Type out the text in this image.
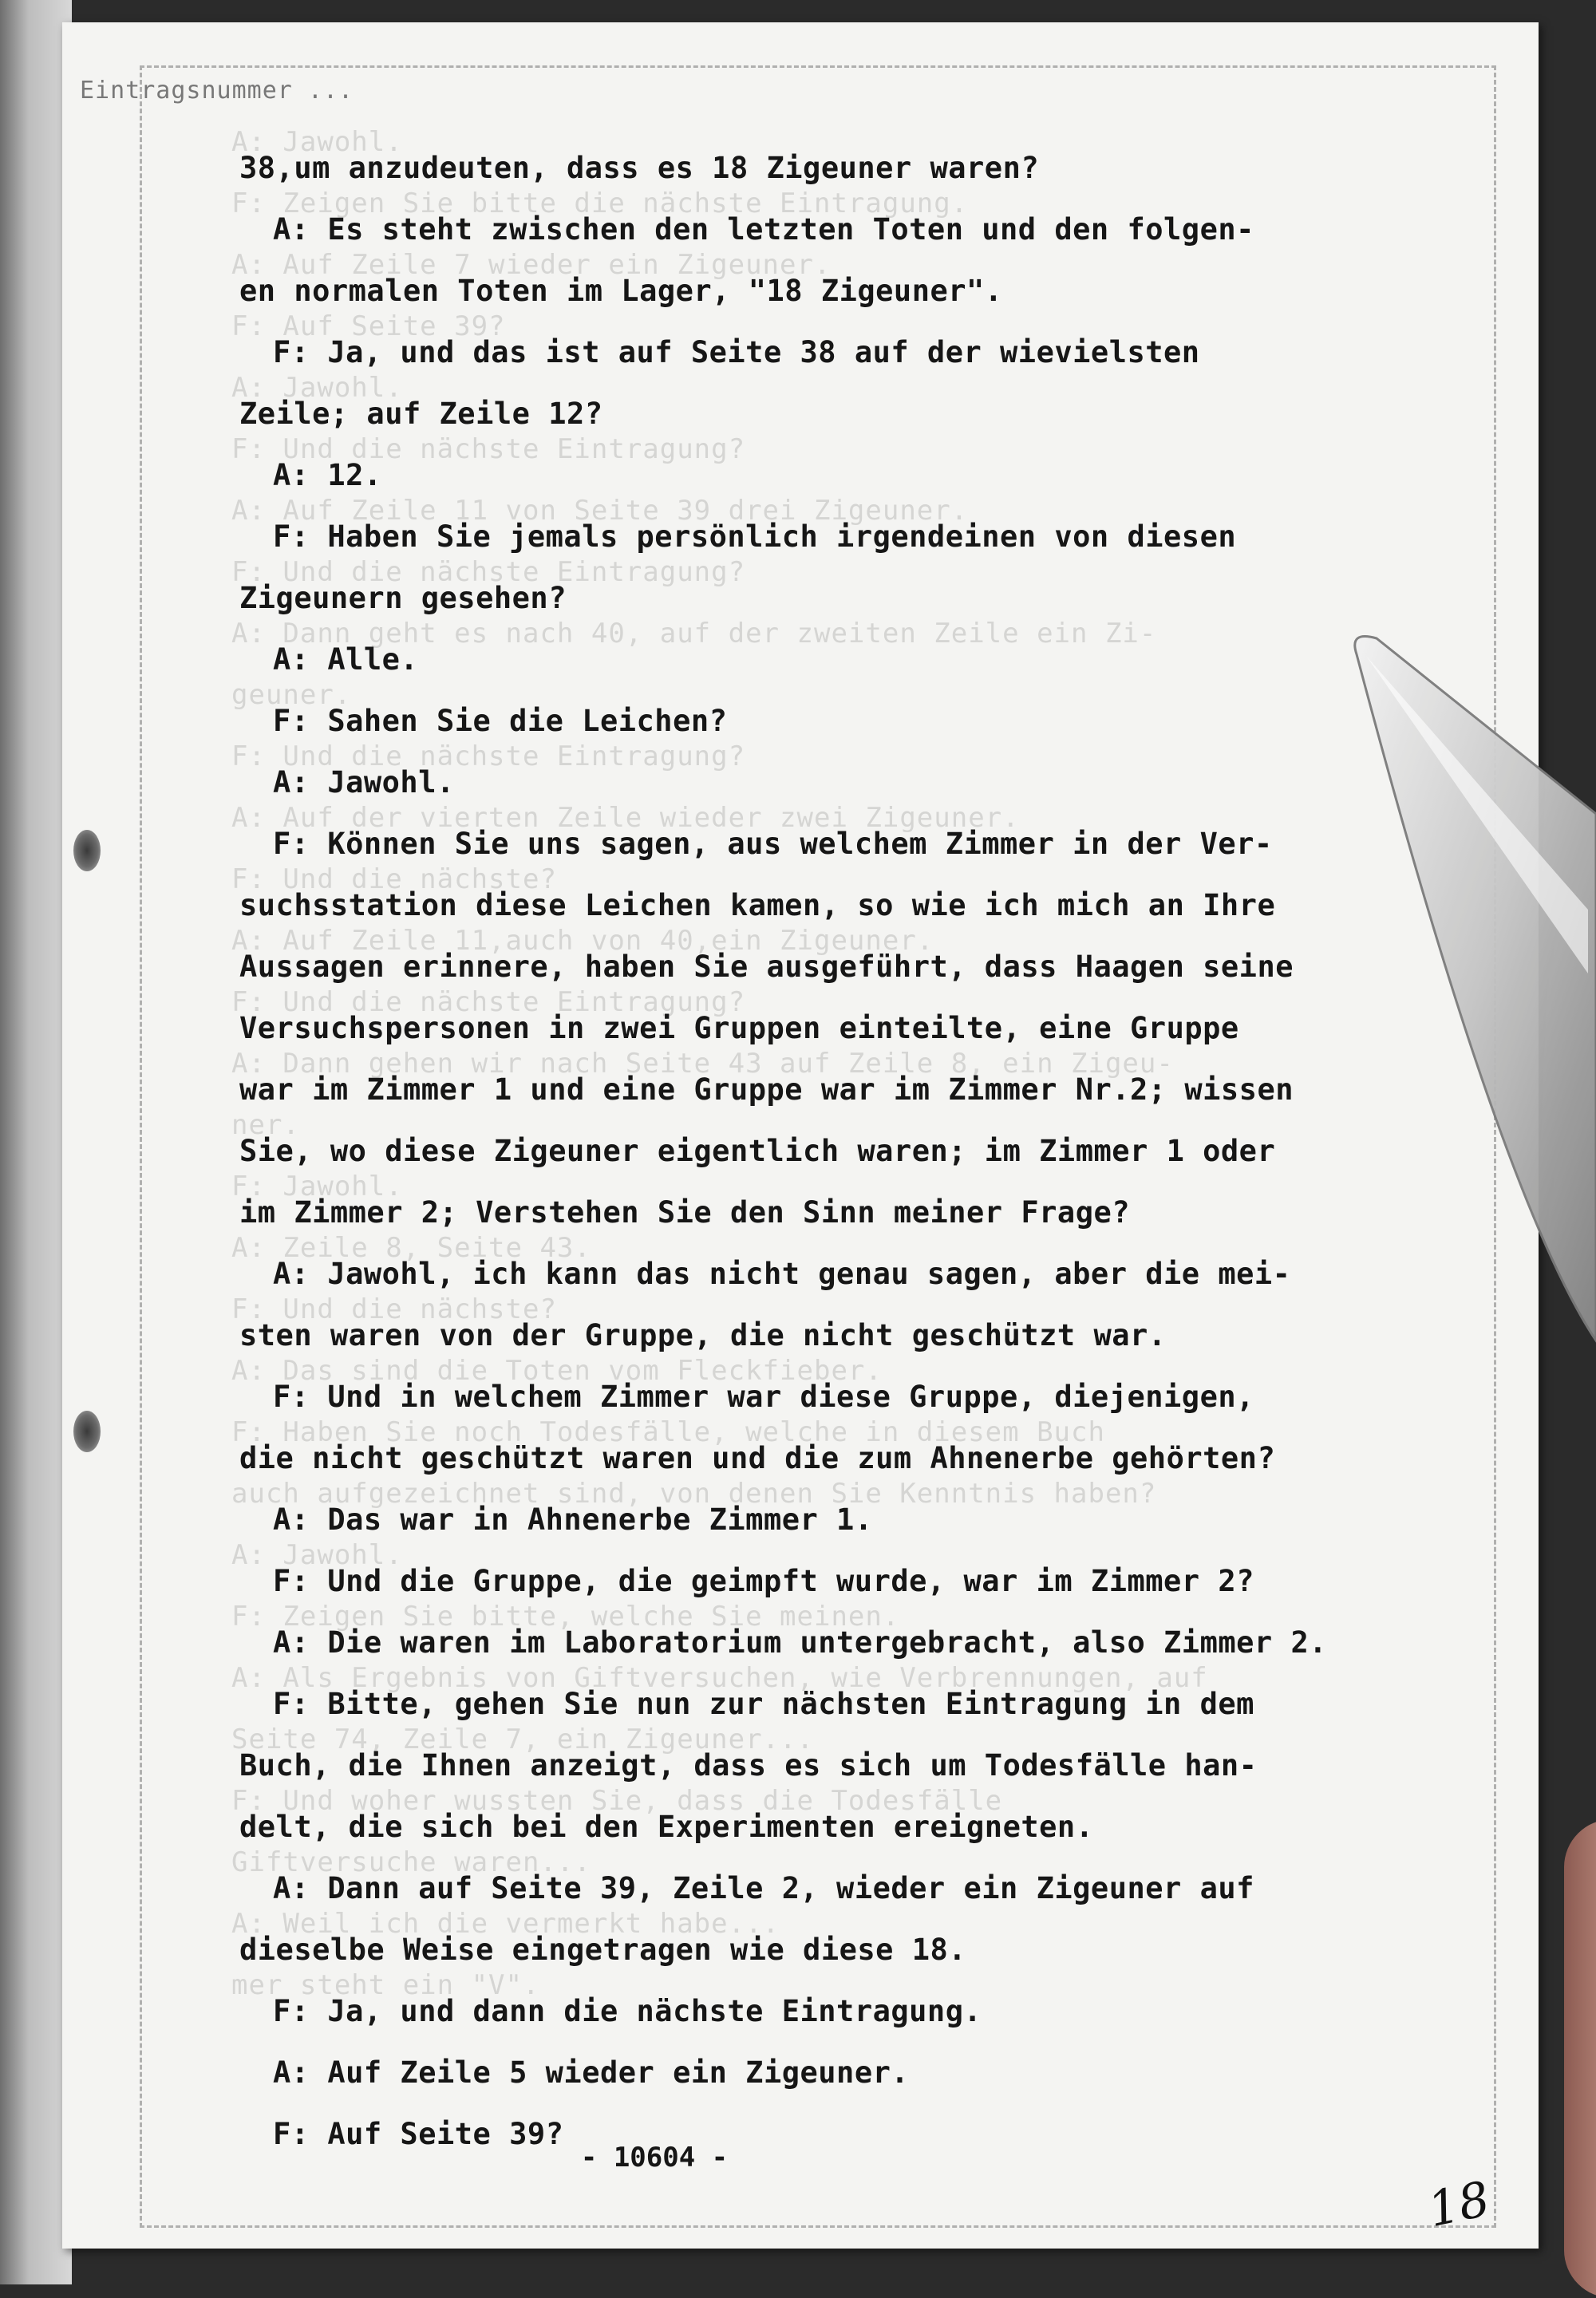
Eintragsnummer ...
A: Jawohl.
F: Zeigen Sie bitte die nächste Eintragung.
A: Auf Zeile 7 wieder ein Zigeuner.
F: Auf Seite 39?
A: Jawohl.
F: Und die nächste Eintragung?
A: Auf Zeile 11 von Seite 39 drei Zigeuner.
F: Und die nächste Eintragung?
A: Dann geht es nach 40, auf der zweiten Zeile ein Zi-
geuner.
F: Und die nächste Eintragung?
A: Auf der vierten Zeile wieder zwei Zigeuner.
F: Und die nächste?
A: Auf Zeile 11,auch von 40,ein Zigeuner.
F: Und die nächste Eintragung?
A: Dann gehen wir nach Seite 43 auf Zeile 8, ein Zigeu-
ner.
F: Jawohl.
A: Zeile 8, Seite 43.
F: Und die nächste?
A: Das sind die Toten vom Fleckfieber.
F: Haben Sie noch Todesfälle, welche in diesem Buch
auch aufgezeichnet sind, von denen Sie Kenntnis haben?
A: Jawohl.
F: Zeigen Sie bitte, welche Sie meinen.
A: Als Ergebnis von Giftversuchen, wie Verbrennungen, auf
Seite 74, Zeile 7, ein Zigeuner...
F: Und woher wussten Sie, dass die Todesfälle
Giftversuche waren...
A: Weil ich die vermerkt habe...
mer steht ein "V".
38,um anzudeuten, dass es 18 Zigeuner waren?
A: Es steht zwischen den letzten Toten und den folgen-
en normalen Toten im Lager, "18 Zigeuner".
F: Ja, und das ist auf Seite 38 auf der wievielsten
Zeile; auf Zeile 12?
A: 12.
F: Haben Sie jemals persönlich irgendeinen von diesen
Zigeunern gesehen?
A: Alle.
F: Sahen Sie die Leichen?
A: Jawohl.
F: Können Sie uns sagen, aus welchem Zimmer in der Ver-
suchsstation diese Leichen kamen, so wie ich mich an Ihre
Aussagen erinnere, haben Sie ausgeführt, dass Haagen seine
Versuchspersonen in zwei Gruppen einteilte, eine Gruppe
war im Zimmer 1 und eine Gruppe war im Zimmer Nr.2; wissen
Sie, wo diese Zigeuner eigentlich waren; im Zimmer 1 oder
im Zimmer 2; Verstehen Sie den Sinn meiner Frage?
A: Jawohl, ich kann das nicht genau sagen, aber die mei-
sten waren von der Gruppe, die nicht geschützt war.
F: Und in welchem Zimmer war diese Gruppe, diejenigen,
die nicht geschützt waren und die zum Ahnenerbe gehörten?
A: Das war in Ahnenerbe Zimmer 1.
F: Und die Gruppe, die geimpft wurde, war im Zimmer 2?
A: Die waren im Laboratorium untergebracht, also Zimmer 2.
F: Bitte, gehen Sie nun zur nächsten Eintragung in dem
Buch, die Ihnen anzeigt, dass es sich um Todesfälle han-
delt, die sich bei den Experimenten ereigneten.
A: Dann auf Seite 39, Zeile 2, wieder ein Zigeuner auf
dieselbe Weise eingetragen wie diese 18.
F: Ja, und dann die nächste Eintragung.
A: Auf Zeile 5 wieder ein Zigeuner.
F: Auf Seite 39?
- 10604 -
18
